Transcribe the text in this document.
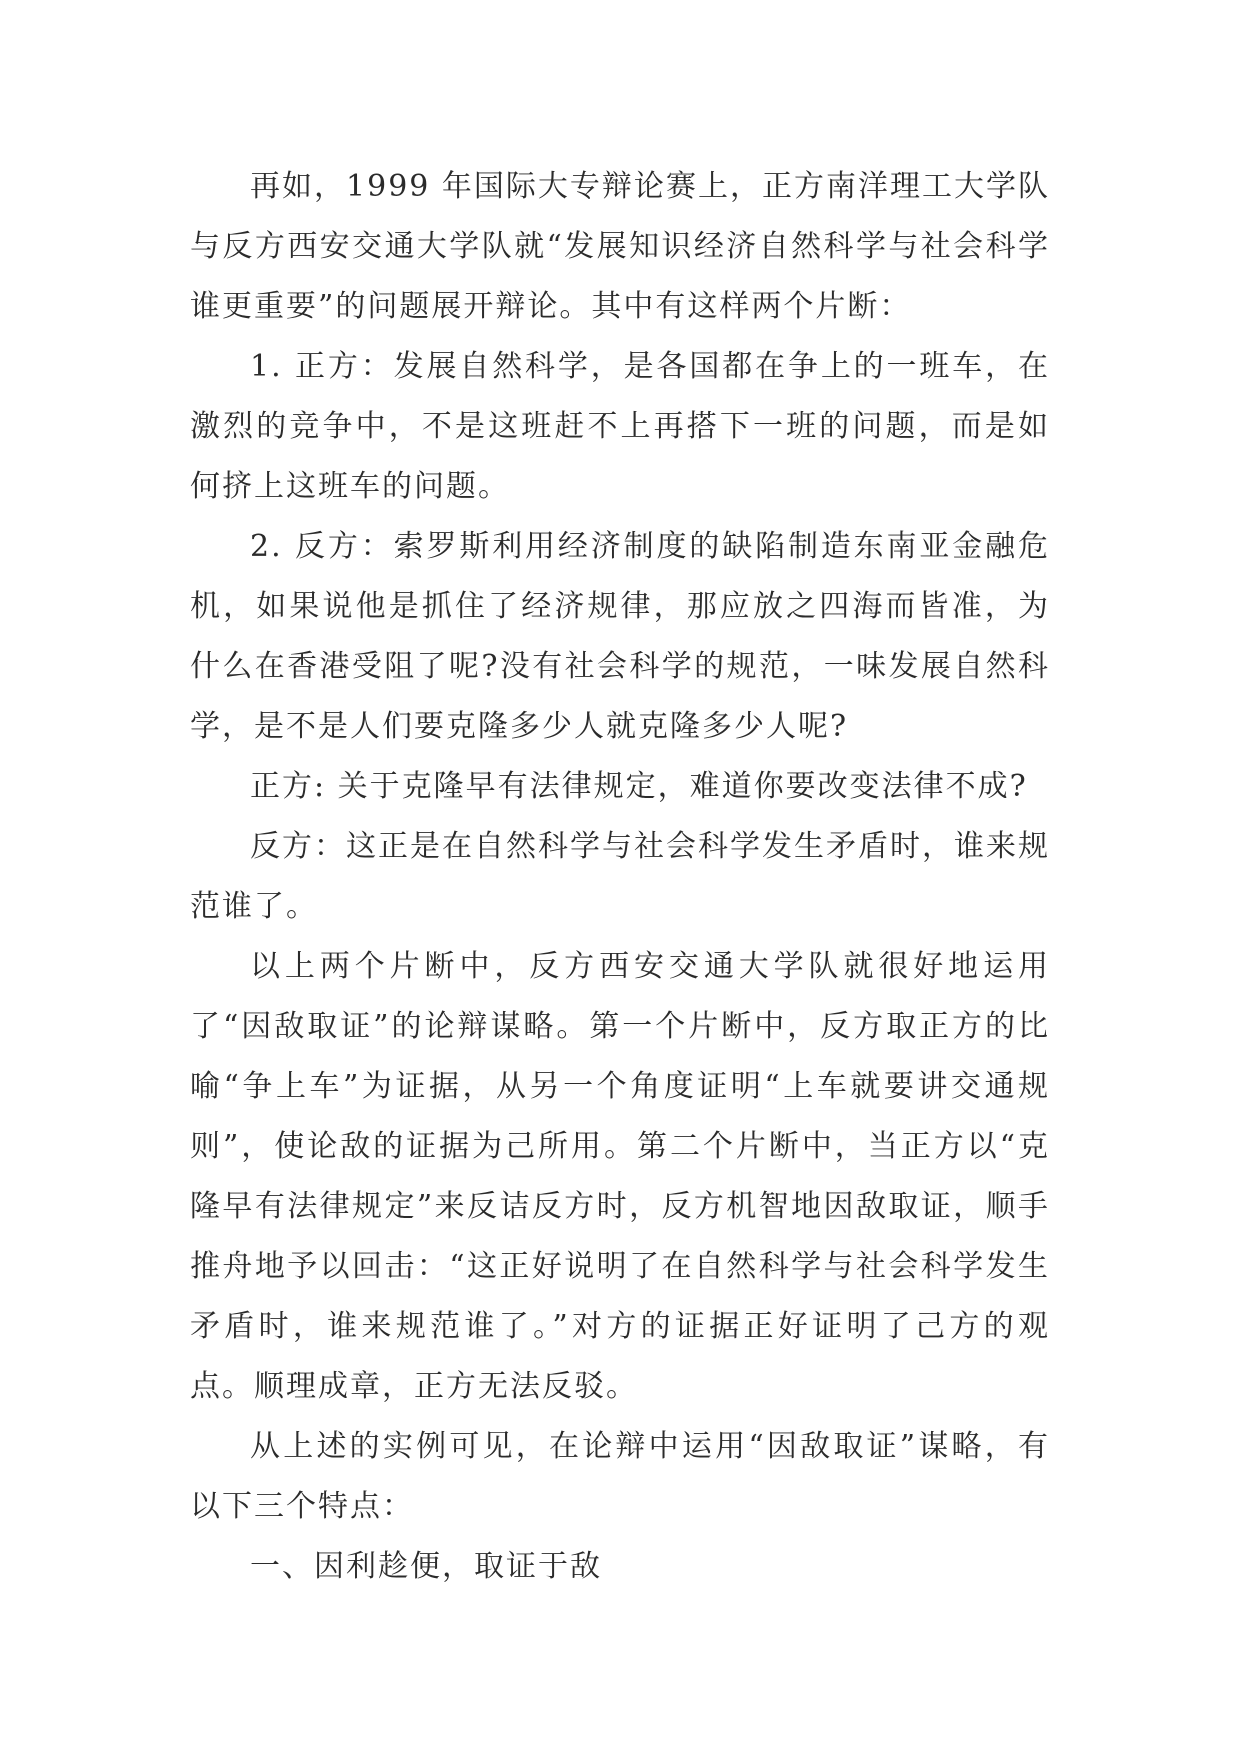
再如，1999 年国际大专辩论赛上，正方南洋理工大学队与反方西安交通大学队就“发展知识经济自然科学与社会科学谁更重要”的问题展开辩论。其中有这样两个片断：

1. 正方：发展自然科学，是各国都在争上的一班车，在激烈的竞争中，不是这班赶不上再搭下一班的问题，而是如何挤上这班车的问题。

2. 反方：索罗斯利用经济制度的缺陷制造东南亚金融危机，如果说他是抓住了经济规律，那应放之四海而皆准，为什么在香港受阻了呢?没有社会科学的规范，一味发展自然科学，是不是人们要克隆多少人就克隆多少人呢?

正方: 关于克隆早有法律规定，难道你要改变法律不成?

反方：这正是在自然科学与社会科学发生矛盾时，谁来规范谁了。

以上两个片断中，反方西安交通大学队就很好地运用了“因敌取证”的论辩谋略。第一个片断中，反方取正方的比喻“争上车”为证据，从另一个角度证明“上车就要讲交通规则”，使论敌的证据为己所用。第二个片断中，当正方以“克隆早有法律规定”来反诘反方时，反方机智地因敌取证，顺手推舟地予以回击：“这正好说明了在自然科学与社会科学发生矛盾时，谁来规范谁了。”对方的证据正好证明了己方的观点。顺理成章，正方无法反驳。

从上述的实例可见，在论辩中运用“因敌取证”谋略，有以下三个特点：

一、因利趁便，取证于敌
